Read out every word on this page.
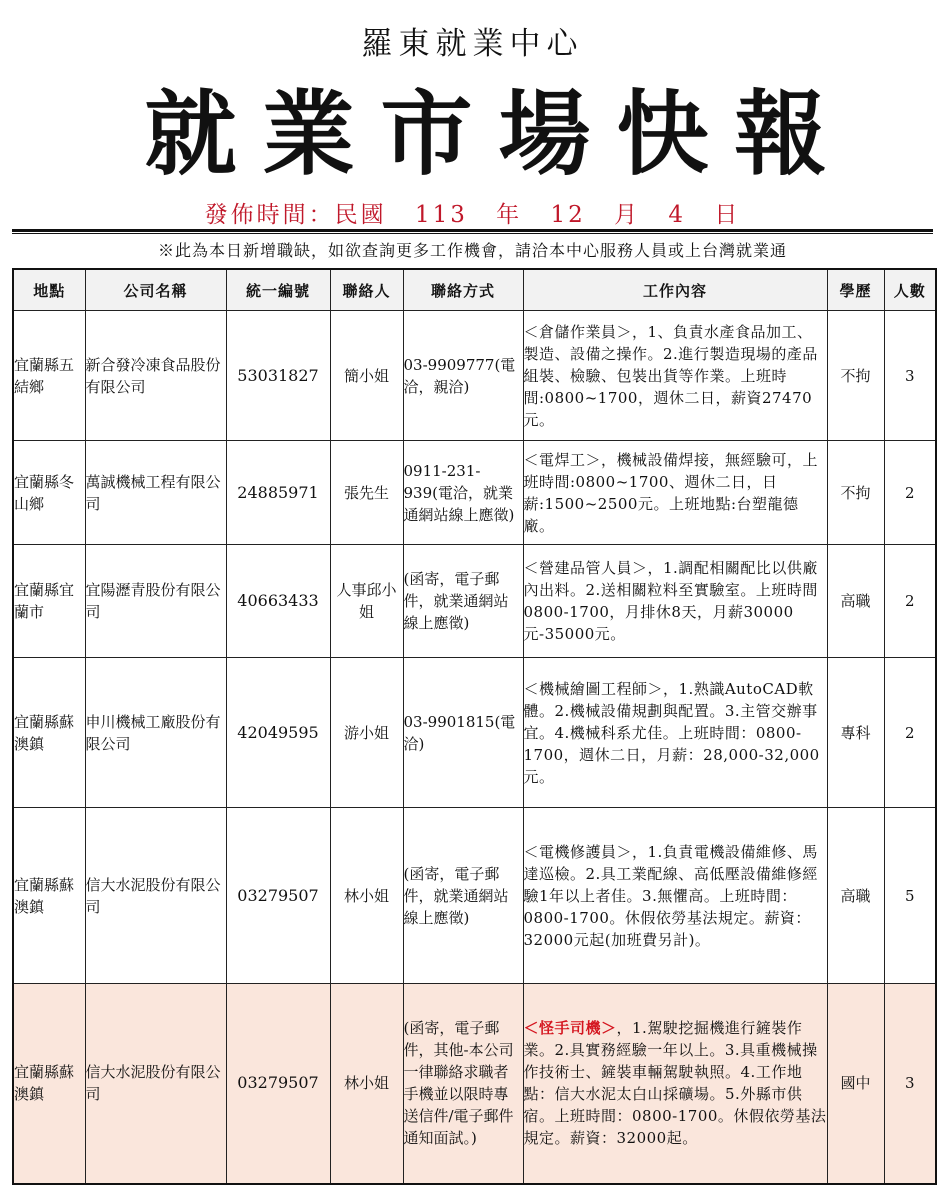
羅東就業中心
就業市場快報
發佈時間：民國 113 年 12 月 4 日
※此為本日新增職缺，如欲查詢更多工作機會，請洽本中心服務人員或上台灣就業通
地點	公司名稱	統一編號	聯絡人	聯絡方式	工作內容	學歷	人數
宜蘭縣五結鄉	新合發冷凍食品股份有限公司	53031827	簡小姐	03-9909777(電洽，親洽)	＜倉儲作業員＞，1、負責水產食品加工、製造、設備之操作。2.進行製造現場的產品組裝、檢驗、包裝出貨等作業。上班時間:0800~1700，週休二日，薪資27470元。	不拘	3
宜蘭縣冬山鄉	萬誠機械工程有限公司	24885971	張先生	0911-231-939(電洽，就業通網站線上應徵)	＜電焊工＞，機械設備焊接，無經驗可，上班時間:0800~1700、週休二日，日薪:1500~2500元。上班地點:台塑龍德廠。	不拘	2
宜蘭縣宜蘭市	宜陽瀝青股份有限公司	40663433	人事邱小姐	(函寄，電子郵件，就業通網站線上應徵)	＜營建品管人員＞，1.調配相關配比以供廠內出料。2.送相關粒料至實驗室。上班時間0800-1700，月排休8天，月薪30000元-35000元。	高職	2
宜蘭縣蘇澳鎮	申川機械工廠股份有限公司	42049595	游小姐	03-9901815(電洽)	＜機械繪圖工程師＞，1.熟識AutoCAD軟體。2.機械設備規劃與配置。3.主管交辦事宜。4.機械科系尤佳。上班時間：0800-1700，週休二日，月薪：28,000-32,000元。	專科	2
宜蘭縣蘇澳鎮	信大水泥股份有限公司	03279507	林小姐	(函寄，電子郵件，就業通網站線上應徵)	＜電機修護員＞，1.負責電機設備維修、馬達巡檢。2.具工業配線、高低壓設備維修經驗1年以上者佳。3.無懼高。上班時間：0800-1700。休假依勞基法規定。薪資：32000元起(加班費另計)。	高職	5
宜蘭縣蘇澳鎮	信大水泥股份有限公司	03279507	林小姐	(函寄，電子郵件，其他-本公司一律聯絡求職者手機並以限時專送信件/電子郵件通知面試。)	＜怪手司機＞，1.駕駛挖掘機進行鏟裝作業。2.具實務經驗一年以上。3.具重機械操作技術士、鏟裝車輛駕駛執照。4.工作地點：信大水泥太白山採礦場。5.外縣市供宿。上班時間：0800-1700。休假依勞基法規定。薪資：32000起。	國中	3
